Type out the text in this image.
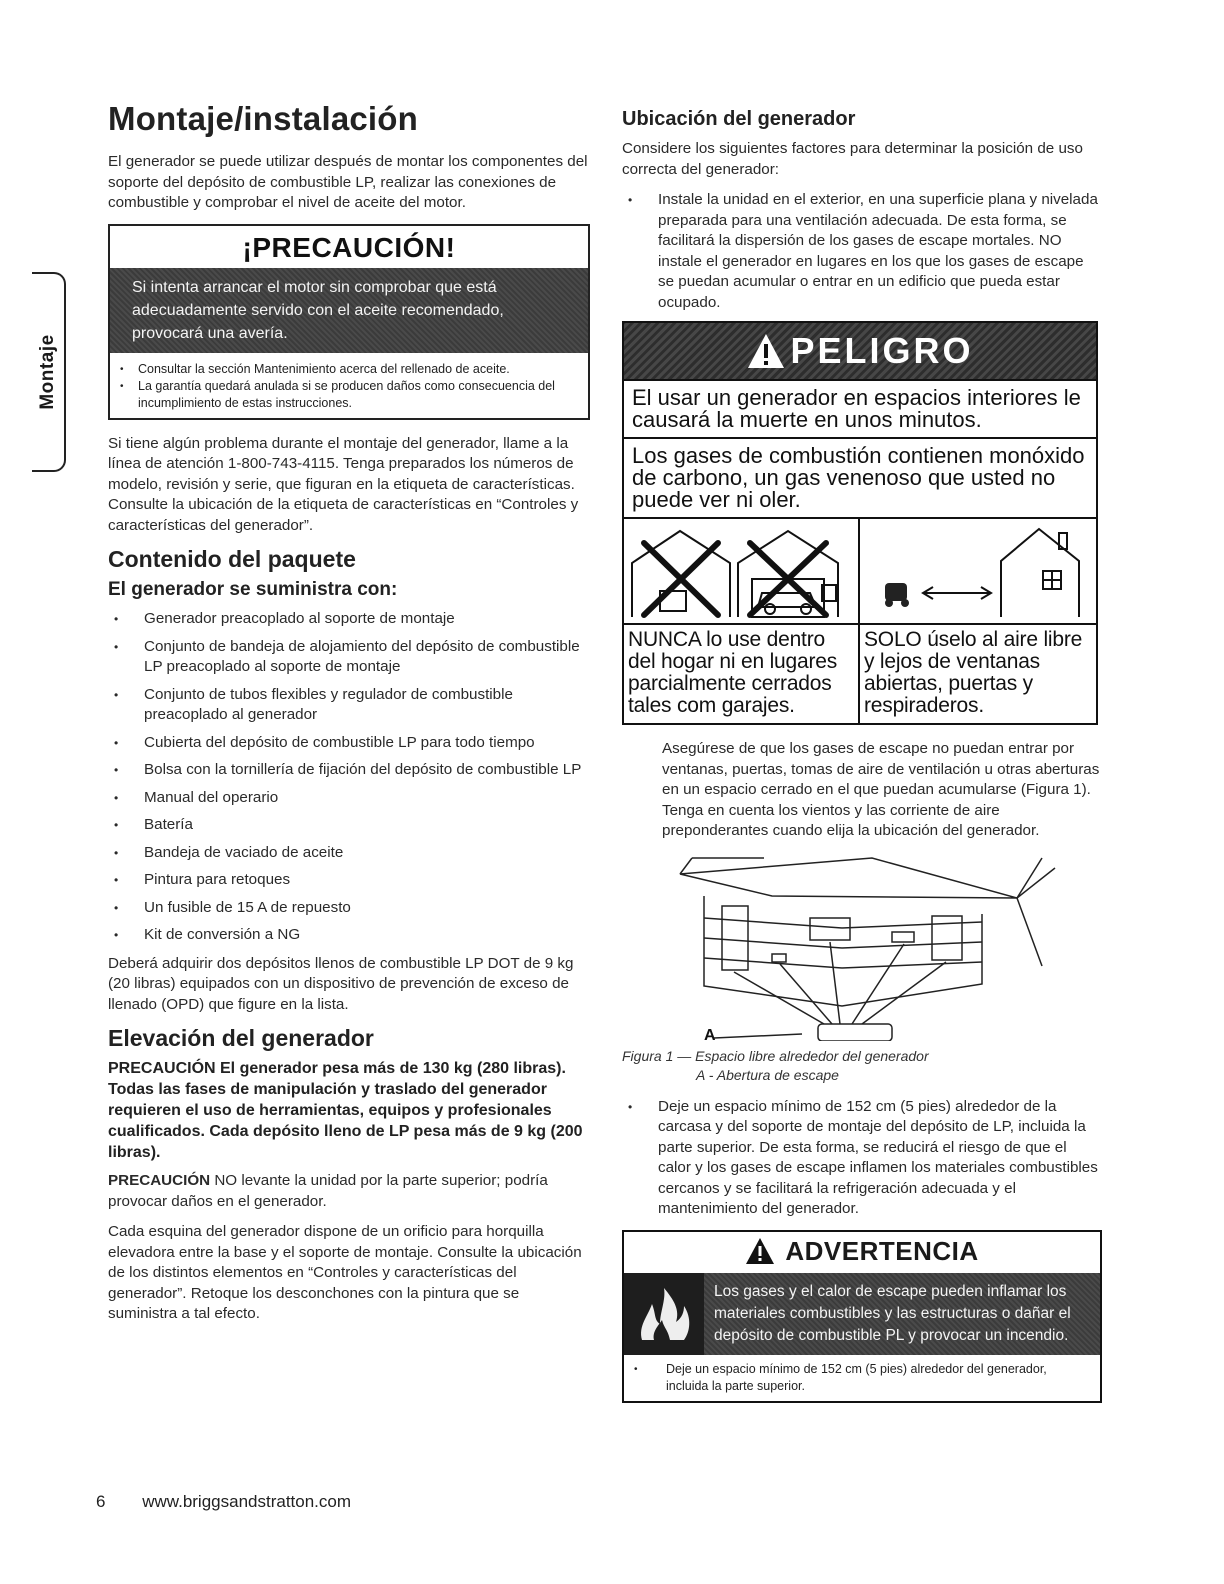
Montaje
Montaje/instalación

El generador se puede utilizar después de montar los componentes del soporte del depósito de combustible LP, realizar las conexiones de combustible y comprobar el nivel de aceite del motor.

¡PRECAUCIÓN!
Si intenta arrancar el motor sin comprobar que está adecuadamente servido con el aceite recomendado, provocará una avería.
• Consultar la sección Mantenimiento acerca del rellenado de aceite.
• La garantía quedará anulada si se producen daños como consecuencia del incumplimiento de estas instrucciones.

Si tiene algún problema durante el montaje del generador, llame a la línea de atención 1-800-743-4115. Tenga preparados los números de modelo, revisión y serie, que figuran en la etiqueta de características. Consulte la ubicación de la etiqueta de características en “Controles y características del generador”.

Contenido del paquete
El generador se suministra con:
• Generador preacoplado al soporte de montaje
• Conjunto de bandeja de alojamiento del depósito de combustible LP preacoplado al soporte de montaje
• Conjunto de tubos flexibles y regulador de combustible preacoplado al generador
• Cubierta del depósito de combustible LP para todo tiempo
• Bolsa con la tornillería de fijación del depósito de combustible LP
• Manual del operario
• Batería
• Bandeja de vaciado de aceite
• Pintura para retoques
• Un fusible de 15 A de repuesto
• Kit de conversión a NG

Deberá adquirir dos depósitos llenos de combustible LP DOT de 9 kg (20 libras) equipados con un dispositivo de prevención de exceso de llenado (OPD) que figure en la lista.

Elevación del generador

PRECAUCIÓN El generador pesa más de 130 kg (280 libras). Todas las fases de manipulación y traslado del generador requieren el uso de herramientas, equipos y profesionales cualificados. Cada depósito lleno de LP pesa más de 9 kg (200 libras).

PRECAUCIÓN NO levante la unidad por la parte superior; podría provocar daños en el generador.

Cada esquina del generador dispone de un orificio para horquilla elevadora entre la base y el soporte de montaje. Consulte la ubicación de los distintos elementos en “Controles y características del generador”. Retoque los desconchones con la pintura que se suministra a tal efecto.

Ubicación del generador

Considere los siguientes factores para determinar la posición de uso correcta del generador:

• Instale la unidad en el exterior, en una superficie plana y nivelada preparada para una ventilación adecuada. De esta forma, se facilitará la dispersión de los gases de escape mortales. NO instale el generador en lugares en los que los gases de escape se puedan acumular o entrar en un edificio que pueda estar ocupado.
PELIGRO
El usar un generador en espacios interiores le causará la muerte en unos minutos.
Los gases de combustión contienen monóxido de carbono, un gas venenoso que usted no puede ver ni oler.
NUNCA lo use dentro del hogar ni en lugares parcialmente cerrados tales com garajes.
SOLO úselo al aire libre y lejos de ventanas abiertas, puertas y respiraderos.

Asegúrese de que los gases de escape no puedan entrar por ventanas, puertas, tomas de aire de ventilación u otras aberturas en un espacio cerrado en el que puedan acumularse (Figura 1). Tenga en cuenta los vientos y las corriente de aire preponderantes cuando elija la ubicación del generador.

A

Figura 1 — Espacio libre alrededor del generador
A - Abertura de escape

• Deje un espacio mínimo de 152 cm (5 pies) alrededor de la carcasa y del soporte de montaje del depósito de LP, incluida la parte superior. De esta forma, se reducirá el riesgo de que el calor y los gases de escape inflamen los materiales combustibles cercanos y se facilitará la refrigeración adecuada y el mantenimiento del generador.
ADVERTENCIA
Los gases y el calor de escape pueden inflamar los materiales combustibles y las estructuras o dañar el depósito de combustible PL y provocar un incendio.
• Deje un espacio mínimo de 152 cm (5 pies) alrededor del generador, incluida la parte superior.
6 www.briggsandstratton.com
